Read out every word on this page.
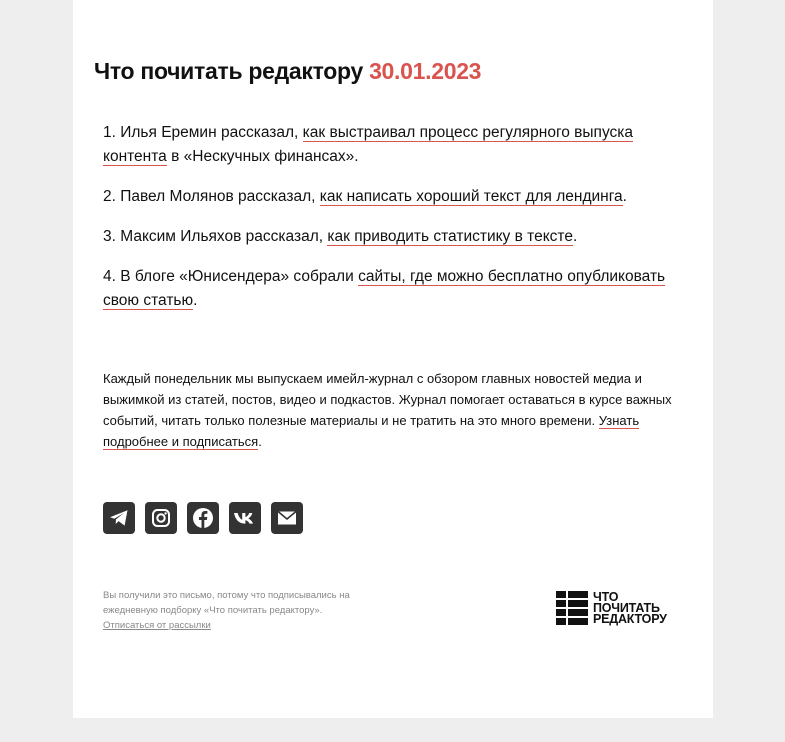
Что почитать редактору 30.01.2023

1. Илья Еремин рассказал, как выстраивал процесс регулярного выпуска контента в «Нескучных финансах».

2. Павел Молянов рассказал, как написать хороший текст для лендинга.

3. Максим Ильяхов рассказал, как приводить статистику в тексте.

4. В блоге «Юнисендера» собрали сайты, где можно бесплатно опубликовать свою статью.

Каждый понедельник мы выпускаем имейл-журнал с обзором главных новостей медиа и выжимкой из статей, постов, видео и подкастов. Журнал помогает оставаться в курсе важных событий, читать только полезные материалы и не тратить на это много времени. Узнать подробнее и подписаться.
Вы получили это письмо, потому что подписывались на ежедневную подборку «Что почитать редактору».
Отписаться от рассылки
ЧТО
ПОЧИТАТЬ
РЕДАКТОРУ
